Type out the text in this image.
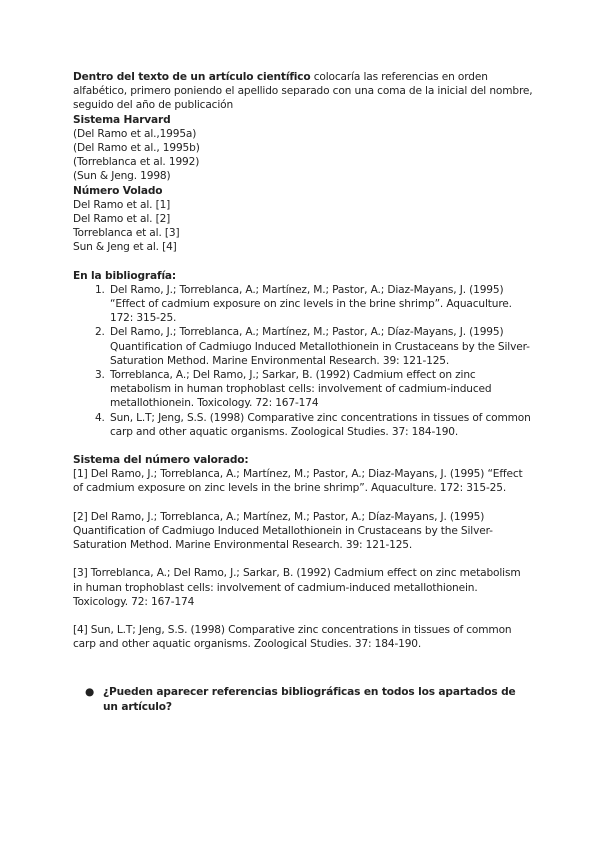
Dentro del texto de un artículo científico colocaría las referencias en orden alfabético, primero poniendo el apellido separado con una coma de la inicial del nombre, seguido del año de publicación

Sistema Harvard

(Del Ramo et al.,1995a)

(Del Ramo et al., 1995b)

(Torreblanca et al. 1992)

(Sun & Jeng. 1998)

Número Volado

Del Ramo et al. [1]

Del Ramo et al. [2]

Torreblanca et al. [3]

Sun & Jeng et al. [4]

En la bibliografía:

1. Del Ramo, J.; Torreblanca, A.; Martínez, M.; Pastor, A.; Diaz-Mayans, J. (1995) “Effect of cadmium exposure on zinc levels in the brine shrimp”. Aquaculture. 172: 315-25.
2. Del Ramo, J.; Torreblanca, A.; Martínez, M.; Pastor, A.; Díaz-Mayans, J. (1995) Quantification of Cadmiugo Induced Metallothionein in Crustaceans by the Silver-Saturation Method. Marine Environmental Research. 39: 121-125.
3. Torreblanca, A.; Del Ramo, J.; Sarkar, B. (1992) Cadmium effect on zinc metabolism in human trophoblast cells: involvement of cadmium-induced metallothionein. Toxicology. 72: 167-174
4. Sun, L.T; Jeng, S.S. (1998) Comparative zinc concentrations in tissues of common carp and other aquatic organisms. Zoological Studies. 37: 184-190.

Sistema del número valorado:

[1] Del Ramo, J.; Torreblanca, A.; Martínez, M.; Pastor, A.; Diaz-Mayans, J. (1995) “Effect of cadmium exposure on zinc levels in the brine shrimp”. Aquaculture. 172: 315-25.

[2] Del Ramo, J.; Torreblanca, A.; Martínez, M.; Pastor, A.; Díaz-Mayans, J. (1995) Quantification of Cadmiugo Induced Metallothionein in Crustaceans by the Silver-Saturation Method. Marine Environmental Research. 39: 121-125.

[3] Torreblanca, A.; Del Ramo, J.; Sarkar, B. (1992) Cadmium effect on zinc metabolism in human trophoblast cells: involvement of cadmium-induced metallothionein. Toxicology. 72: 167-174

[4] Sun, L.T; Jeng, S.S. (1998) Comparative zinc concentrations in tissues of common carp and other aquatic organisms. Zoological Studies. 37: 184-190.

● ¿Pueden aparecer referencias bibliográficas en todos los apartados de un artículo?
